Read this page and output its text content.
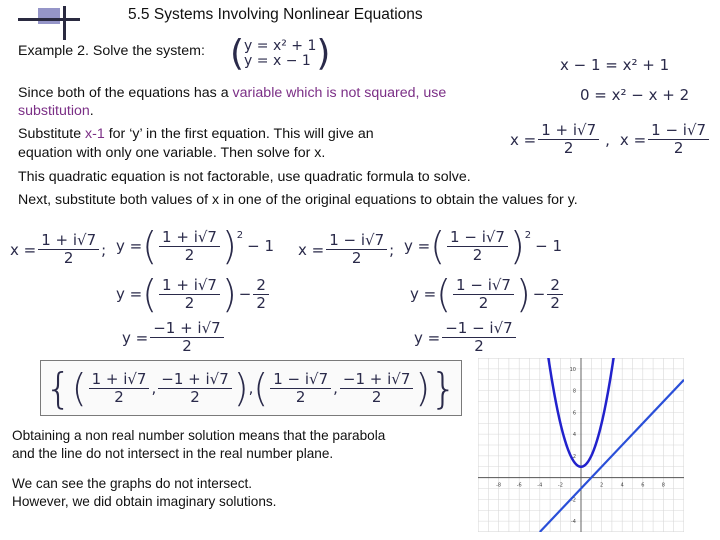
5.5 Systems Involving Nonlinear Equations
Example 2. Solve the system: ( y = x² + 1
y = x − 1 )
Since both of the equations has a variable which is not squared, use
substitution.
Substitute x-1 for ‘y’ in the first equation. This will give an
equation with only one variable. Then solve for x.
This quadratic equation is not factorable, use quadratic formula to solve.
Next, substitute both values of x in one of the original equations to obtain the values for y.
x − 1 = x² + 1
0 = x² − x + 2
$x = \frac{1 + i√7}{2}$ , $x = \frac{1 - i√7}{2}$
$x = \frac{1 + i√7}{2}$ ; y = ( $\frac{1 + i√7}{2} )^2$
− 1
y = ( $\frac{1 + i√7}{2}$ ) − $\frac{2}{2}$
$y = \frac{-1 + i√7}{2}$
$x = \frac{1 - i√7}{2}$ ; y = ( $\frac{1 - i√7}{2} )^2$
− 1
y = ( $\frac{1 - i√7}{2}$ ) − $\frac{2}{2}$
$y = \frac{-1 - i√7}{2}$
{ ( $\frac{1 + i√7}{2}$ , $\frac{-1 + i√7}{2}$ ) , ( $\frac{1 - i√7}{2}$ , $\frac{-1 + i√7}{2}$ ) }
Obtaining a non real number solution means that the parabola
and the line do not intersect in the real number plane.
We can see the graphs do not intersect.
However, we did obtain imaginary solutions.
-8	-6	-4	-2	2	4	6	8
10
8
6
4
2
-2
-4
